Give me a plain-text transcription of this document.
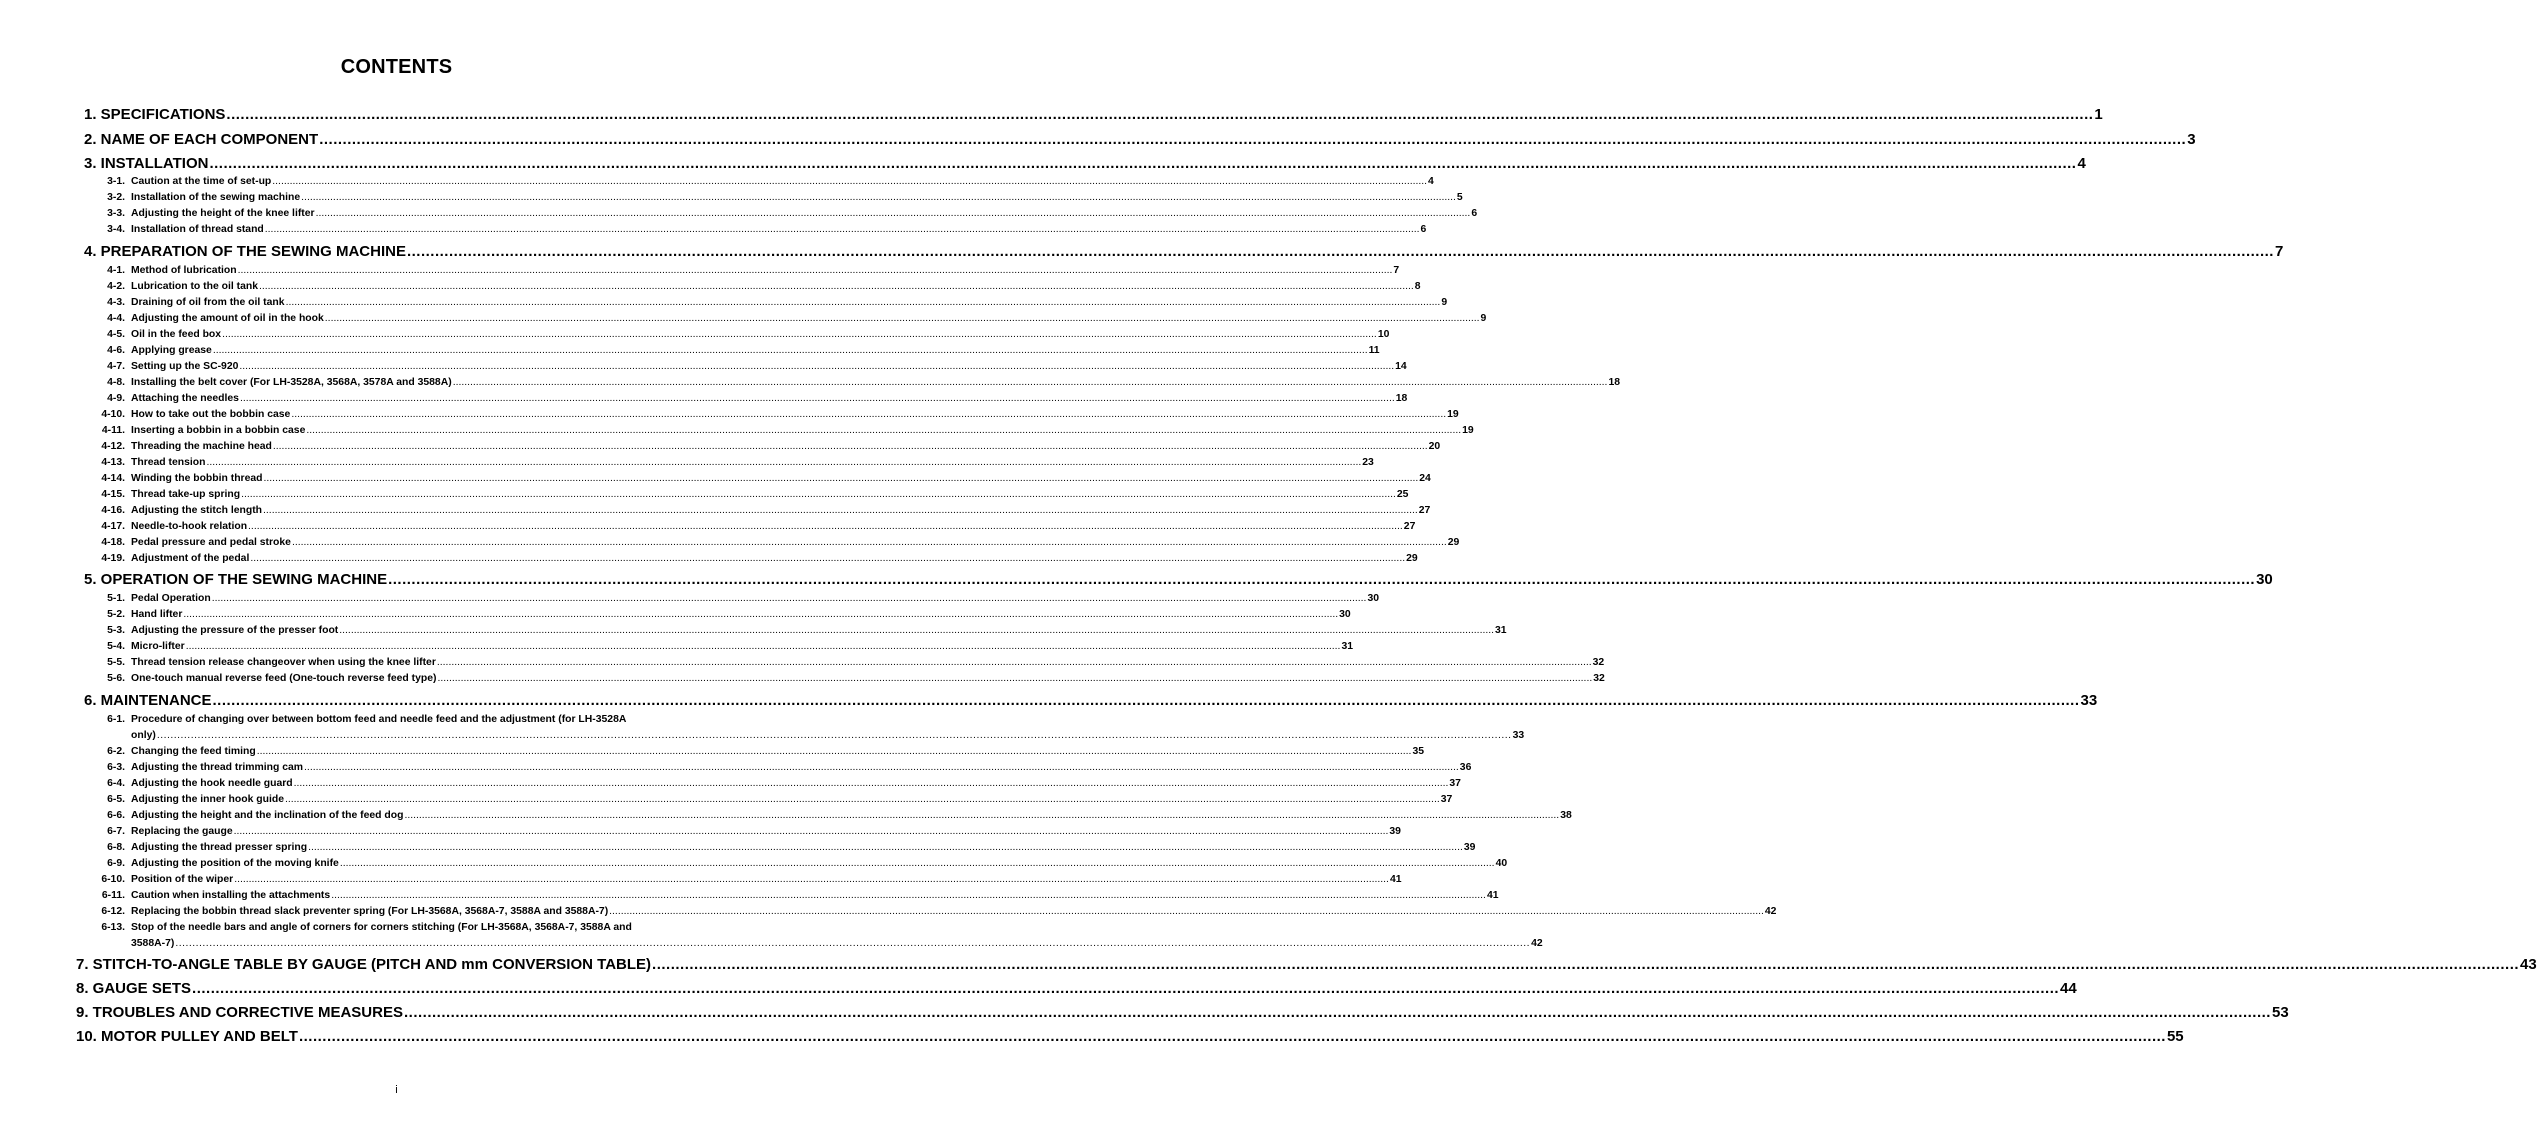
CONTENTS
1. SPECIFICATIONS ................................................................................................................................................................................................................................................................................................................................................................................................................ 1
2. NAME OF EACH COMPONENT ................................................................................................................................................................................................................................................................................................................................................................................................................ 3
3. INSTALLATION ................................................................................................................................................................................................................................................................................................................................................................................................................ 4
3-1. Caution at the time of set-up ................................................................................................................................................................................................................................................................................................................................................................................................................ 4
3-2. Installation of the sewing machine ................................................................................................................................................................................................................................................................................................................................................................................................................ 5
3-3. Adjusting the height of the knee lifter ................................................................................................................................................................................................................................................................................................................................................................................................................ 6
3-4. Installation of thread stand ................................................................................................................................................................................................................................................................................................................................................................................................................ 6
4. PREPARATION OF THE SEWING MACHINE ................................................................................................................................................................................................................................................................................................................................................................................................................ 7
4-1. Method of lubrication ................................................................................................................................................................................................................................................................................................................................................................................................................ 7
4-2. Lubrication to the oil tank ................................................................................................................................................................................................................................................................................................................................................................................................................ 8
4-3. Draining of oil from the oil tank ................................................................................................................................................................................................................................................................................................................................................................................................................ 9
4-4. Adjusting the amount of oil in the hook ................................................................................................................................................................................................................................................................................................................................................................................................................ 9
4-5. Oil in the feed box ................................................................................................................................................................................................................................................................................................................................................................................................................ 10
4-6. Applying grease ................................................................................................................................................................................................................................................................................................................................................................................................................ 11
4-7. Setting up the SC-920 ................................................................................................................................................................................................................................................................................................................................................................................................................ 14
4-8. Installing the belt cover (For LH-3528A, 3568A, 3578A and 3588A) ................................................................................................................................................................................................................................................................................................................................................................................................................ 18
4-9. Attaching the needles ................................................................................................................................................................................................................................................................................................................................................................................................................ 18
4-10. How to take out the bobbin case ................................................................................................................................................................................................................................................................................................................................................................................................................ 19
4-11. Inserting a bobbin in a bobbin case ................................................................................................................................................................................................................................................................................................................................................................................................................ 19
4-12. Threading the machine head ................................................................................................................................................................................................................................................................................................................................................................................................................ 20
4-13. Thread tension ................................................................................................................................................................................................................................................................................................................................................................................................................ 23
4-14. Winding the bobbin thread ................................................................................................................................................................................................................................................................................................................................................................................................................ 24
4-15. Thread take-up spring ................................................................................................................................................................................................................................................................................................................................................................................................................ 25
4-16. Adjusting the stitch length ................................................................................................................................................................................................................................................................................................................................................................................................................ 27
4-17. Needle-to-hook relation ................................................................................................................................................................................................................................................................................................................................................................................................................ 27
4-18. Pedal pressure and pedal stroke ................................................................................................................................................................................................................................................................................................................................................................................................................ 29
4-19. Adjustment of the pedal ................................................................................................................................................................................................................................................................................................................................................................................................................ 29
5. OPERATION OF THE SEWING MACHINE ................................................................................................................................................................................................................................................................................................................................................................................................................ 30
5-1. Pedal Operation ................................................................................................................................................................................................................................................................................................................................................................................................................ 30
5-2. Hand lifter ................................................................................................................................................................................................................................................................................................................................................................................................................ 30
5-3. Adjusting the pressure of the presser foot ................................................................................................................................................................................................................................................................................................................................................................................................................ 31
5-4. Micro-lifter ................................................................................................................................................................................................................................................................................................................................................................................................................ 31
5-5. Thread tension release changeover when using the knee lifter ................................................................................................................................................................................................................................................................................................................................................................................................................ 32
5-6. One-touch manual reverse feed (One-touch reverse feed type) ................................................................................................................................................................................................................................................................................................................................................................................................................ 32
6. MAINTENANCE ................................................................................................................................................................................................................................................................................................................................................................................................................ 33
6-1. Procedure of changing over between bottom feed and needle feed and the adjustment (for LH-3528A
only) ................................................................................................................................................................................................................................................................................................................................................................................................................ 33
6-2. Changing the feed timing ................................................................................................................................................................................................................................................................................................................................................................................................................ 35
6-3. Adjusting the thread trimming cam ................................................................................................................................................................................................................................................................................................................................................................................................................ 36
6-4. Adjusting the hook needle guard ................................................................................................................................................................................................................................................................................................................................................................................................................ 37
6-5. Adjusting the inner hook guide ................................................................................................................................................................................................................................................................................................................................................................................................................ 37
6-6. Adjusting the height and the inclination of the feed dog ................................................................................................................................................................................................................................................................................................................................................................................................................ 38
6-7. Replacing the gauge ................................................................................................................................................................................................................................................................................................................................................................................................................ 39
6-8. Adjusting the thread presser spring ................................................................................................................................................................................................................................................................................................................................................................................................................ 39
6-9. Adjusting the position of the moving knife ................................................................................................................................................................................................................................................................................................................................................................................................................ 40
6-10. Position of the wiper ................................................................................................................................................................................................................................................................................................................................................................................................................ 41
6-11. Caution when installing the attachments ................................................................................................................................................................................................................................................................................................................................................................................................................ 41
6-12. Replacing the bobbin thread slack preventer spring (For LH-3568A, 3568A-7, 3588A and 3588A-7) ................................................................................................................................................................................................................................................................................................................................................................................................................ 42
6-13. Stop of the needle bars and angle of corners for corners stitching (For LH-3568A, 3568A-7, 3588A and
3588A-7) ................................................................................................................................................................................................................................................................................................................................................................................................................ 42
7. STITCH-TO-ANGLE TABLE BY GAUGE (PITCH AND mm CONVERSION TABLE) ................................................................................................................................................................................................................................................................................................................................................................................................................ 43
8. GAUGE SETS ................................................................................................................................................................................................................................................................................................................................................................................................................ 44
9. TROUBLES AND CORRECTIVE MEASURES ................................................................................................................................................................................................................................................................................................................................................................................................................ 53
10. MOTOR PULLEY AND BELT ................................................................................................................................................................................................................................................................................................................................................................................................................ 55
i
